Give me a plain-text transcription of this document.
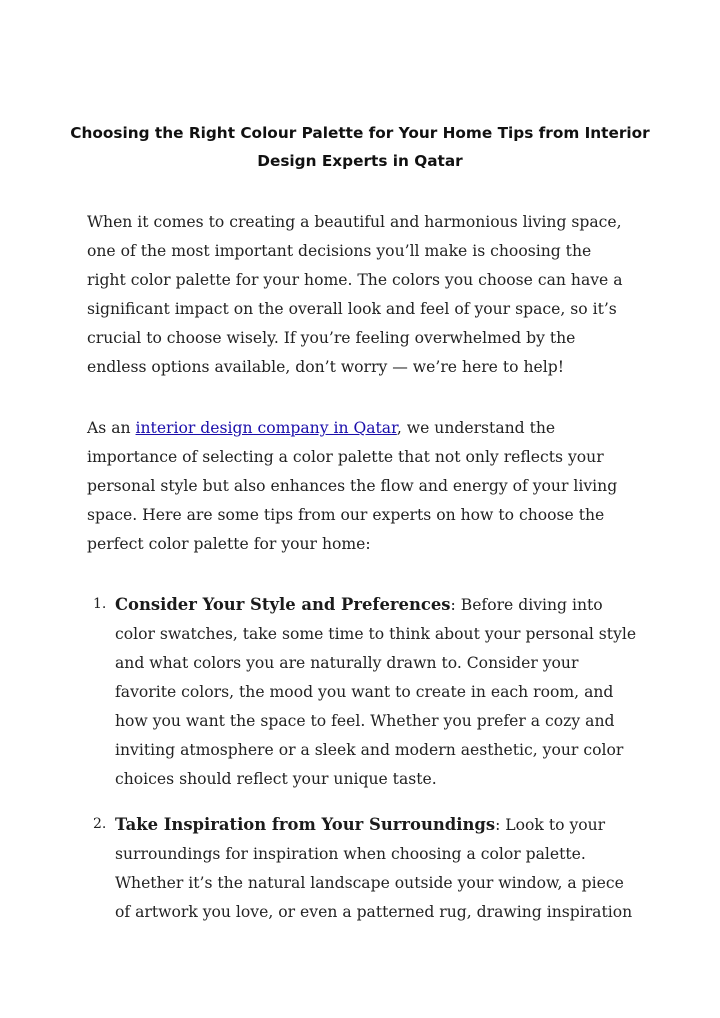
Choosing the Right Colour Palette for Your Home Tips from Interior
Design Experts in Qatar

When it comes to creating a beautiful and harmonious living space,
one of the most important decisions you’ll make is choosing the
right color palette for your home. The colors you choose can have a
significant impact on the overall look and feel of your space, so it’s
crucial to choose wisely. If you’re feeling overwhelmed by the
endless options available, don’t worry — we’re here to help!

As an interior design company in Qatar, we understand the
importance of selecting a color palette that not only reflects your
personal style but also enhances the flow and energy of your living
space. Here are some tips from our experts on how to choose the
perfect color palette for your home:

1. Consider Your Style and Preferences: Before diving into
color swatches, take some time to think about your personal style
and what colors you are naturally drawn to. Consider your
favorite colors, the mood you want to create in each room, and
how you want the space to feel. Whether you prefer a cozy and
inviting atmosphere or a sleek and modern aesthetic, your color
choices should reflect your unique taste.
2. Take Inspiration from Your Surroundings: Look to your
surroundings for inspiration when choosing a color palette.
Whether it’s the natural landscape outside your window, a piece
of artwork you love, or even a patterned rug, drawing inspiration
